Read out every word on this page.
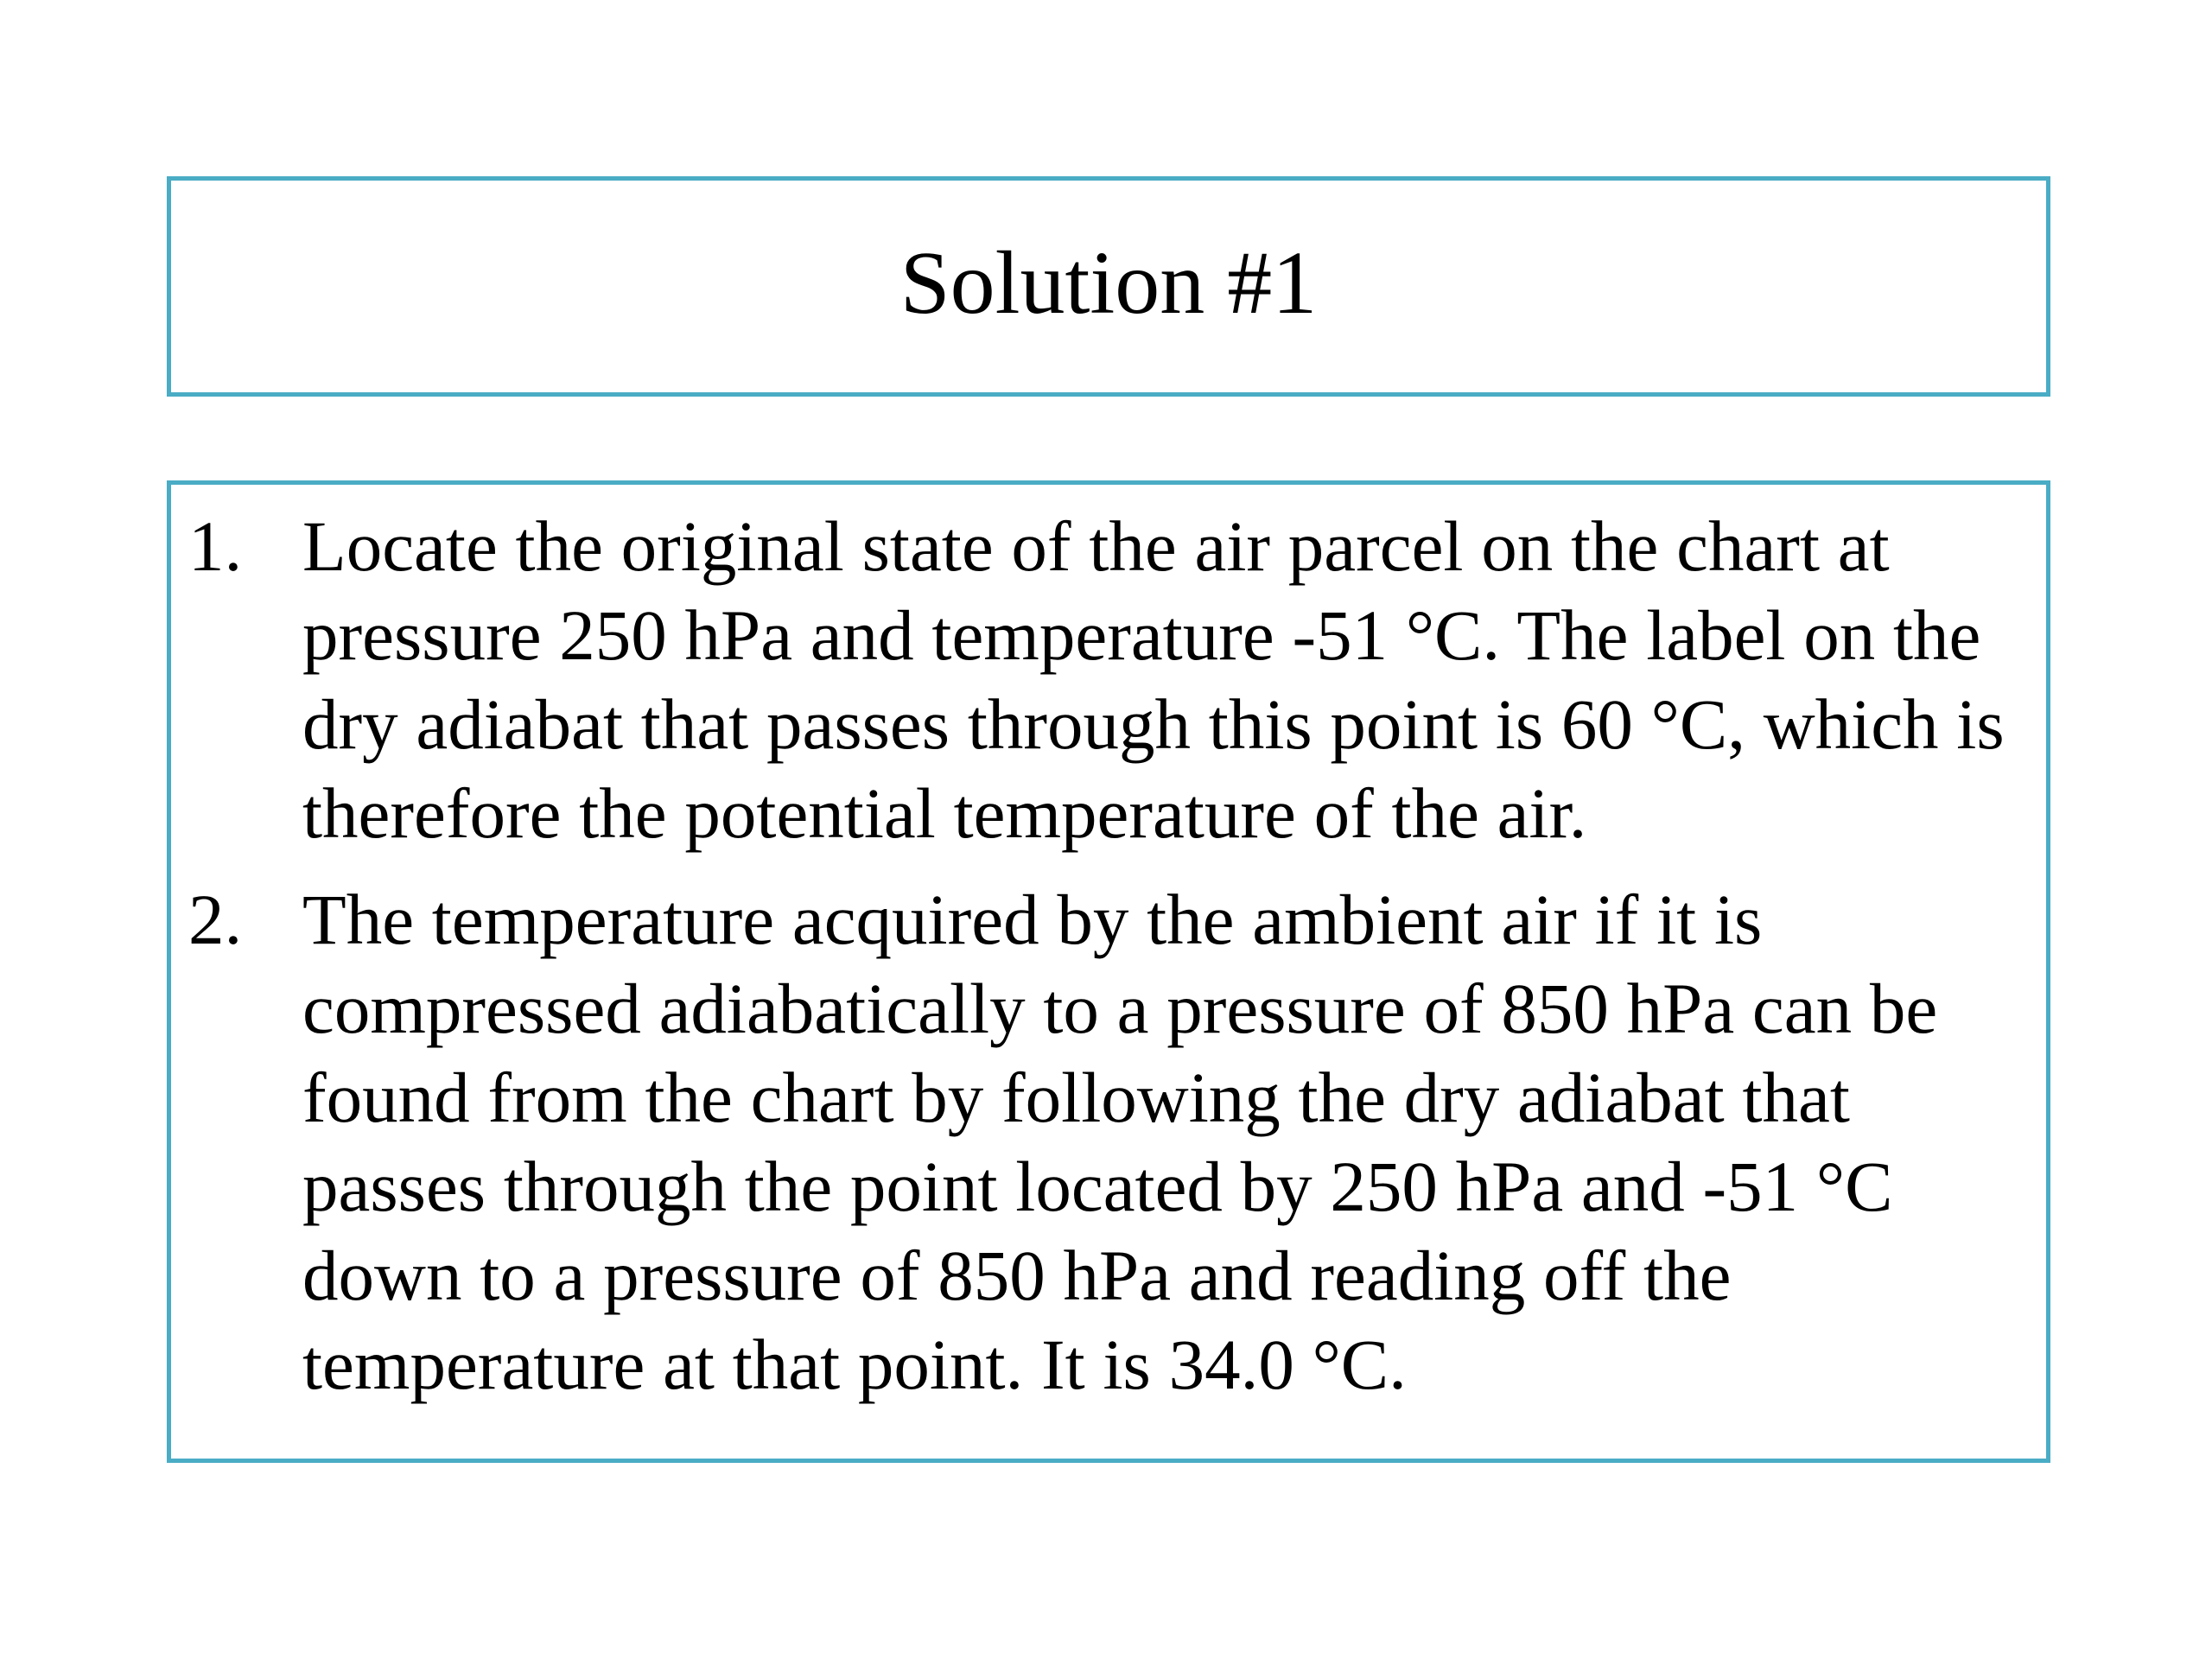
Solution #1
1. Locate the original state of the air parcel on the chart at pressure 250 hPa and temperature -51 °C. The label on the dry adiabat that passes through this point is 60 °C, which is therefore the potential temperature of the air.
2. The temperature acquired by the ambient air if it is compressed adiabatically to a pressure of 850 hPa can be found from the chart by following the dry adiabat that passes through the point located by 250 hPa and -51 °C down to a pressure of 850 hPa and reading off the temperature at that point. It is 34.0 °C.
